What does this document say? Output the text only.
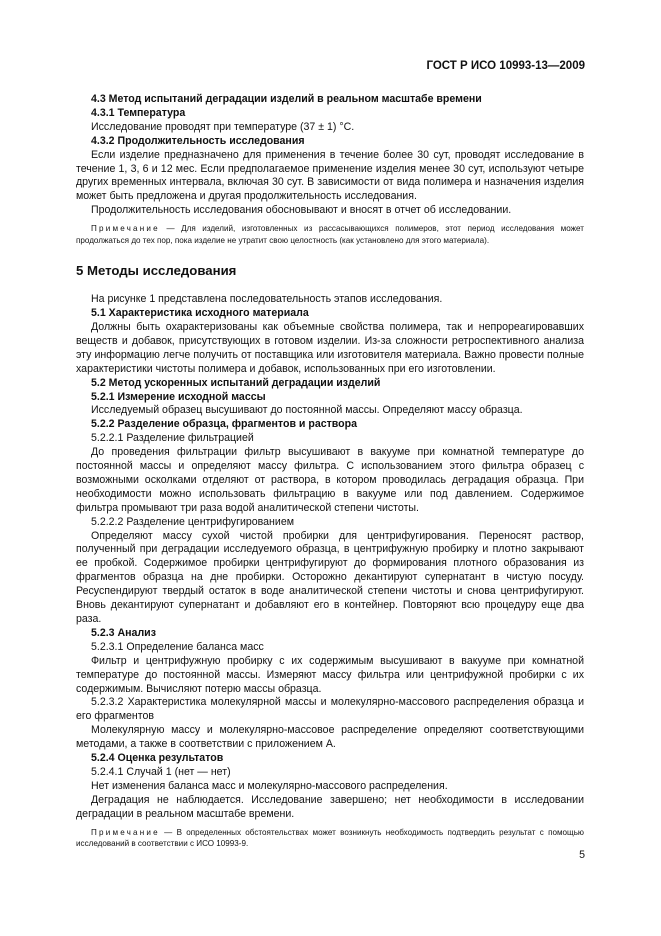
ГОСТ Р ИСО 10993-13—2009
4.3 Метод испытаний деградации изделий в реальном масштабе времени
4.3.1 Температура
Исследование проводят при температуре (37 ± 1) °С.
4.3.2 Продолжительность исследования
Если изделие предназначено для применения в течение более 30 сут, проводят исследование в течение 1, 3, 6 и 12 мес. Если предполагаемое применение изделия менее 30 сут, используют четыре других временных интервала, включая 30 сут. В зависимости от вида полимера и назначения изделия может быть предложена и другая продолжительность исследования.
Продолжительность исследования обосновывают и вносят в отчет об исследовании.
Примечание — Для изделий, изготовленных из рассасывающихся полимеров, этот период исследования может продолжаться до тех пор, пока изделие не утратит свою целостность (как установлено для этого материала).
5 Методы исследования
На рисунке 1 представлена последовательность этапов исследования.
5.1 Характеристика исходного материала
Должны быть охарактеризованы как объемные свойства полимера, так и непрореагировавших веществ и добавок, присутствующих в готовом изделии. Из-за сложности ретроспективного анализа эту информацию легче получить от поставщика или изготовителя материала. Важно провести полные характеристики чистоты полимера и добавок, использованных при его изготовлении.
5.2 Метод ускоренных испытаний деградации изделий
5.2.1 Измерение исходной массы
Исследуемый образец высушивают до постоянной массы. Определяют массу образца.
5.2.2 Разделение образца, фрагментов и раствора
5.2.2.1 Разделение фильтрацией
До проведения фильтрации фильтр высушивают в вакууме при комнатной температуре до постоянной массы и определяют массу фильтра. С использованием этого фильтра образец с возможными осколками отделяют от раствора, в котором проводилась деградация образца. При необходимости можно использовать фильтрацию в вакууме или под давлением. Содержимое фильтра промывают три раза водой аналитической степени чистоты.
5.2.2.2 Разделение центрифугированием
Определяют массу сухой чистой пробирки для центрифугирования. Переносят раствор, полученный при деградации исследуемого образца, в центрифужную пробирку и плотно закрывают ее пробкой. Содержимое пробирки центрифугируют до формирования плотного образования из фрагментов образца на дне пробирки. Осторожно декантируют супернатант в чистую посуду. Ресуспендируют твердый остаток в воде аналитической степени чистоты и снова центрифугируют. Вновь декантируют супернатант и добавляют его в контейнер. Повторяют всю процедуру еще два раза.
5.2.3 Анализ
5.2.3.1 Определение баланса масс
Фильтр и центрифужную пробирку с их содержимым высушивают в вакууме при комнатной температуре до постоянной массы. Измеряют массу фильтра или центрифужной пробирки с их содержимым. Вычисляют потерю массы образца.
5.2.3.2 Характеристика молекулярной массы и молекулярно-массового распределения образца и его фрагментов
Молекулярную массу и молекулярно-массовое распределение определяют соответствующими методами, а также в соответствии с приложением А.
5.2.4 Оценка результатов
5.2.4.1 Случай 1 (нет — нет)
Нет изменения баланса масс и молекулярно-массового распределения.
Деградация не наблюдается. Исследование завершено; нет необходимости в исследовании деградации в реальном масштабе времени.
Примечание — В определенных обстоятельствах может возникнуть необходимость подтвердить результат с помощью исследований в соответствии с ИСО 10993-9.
5
